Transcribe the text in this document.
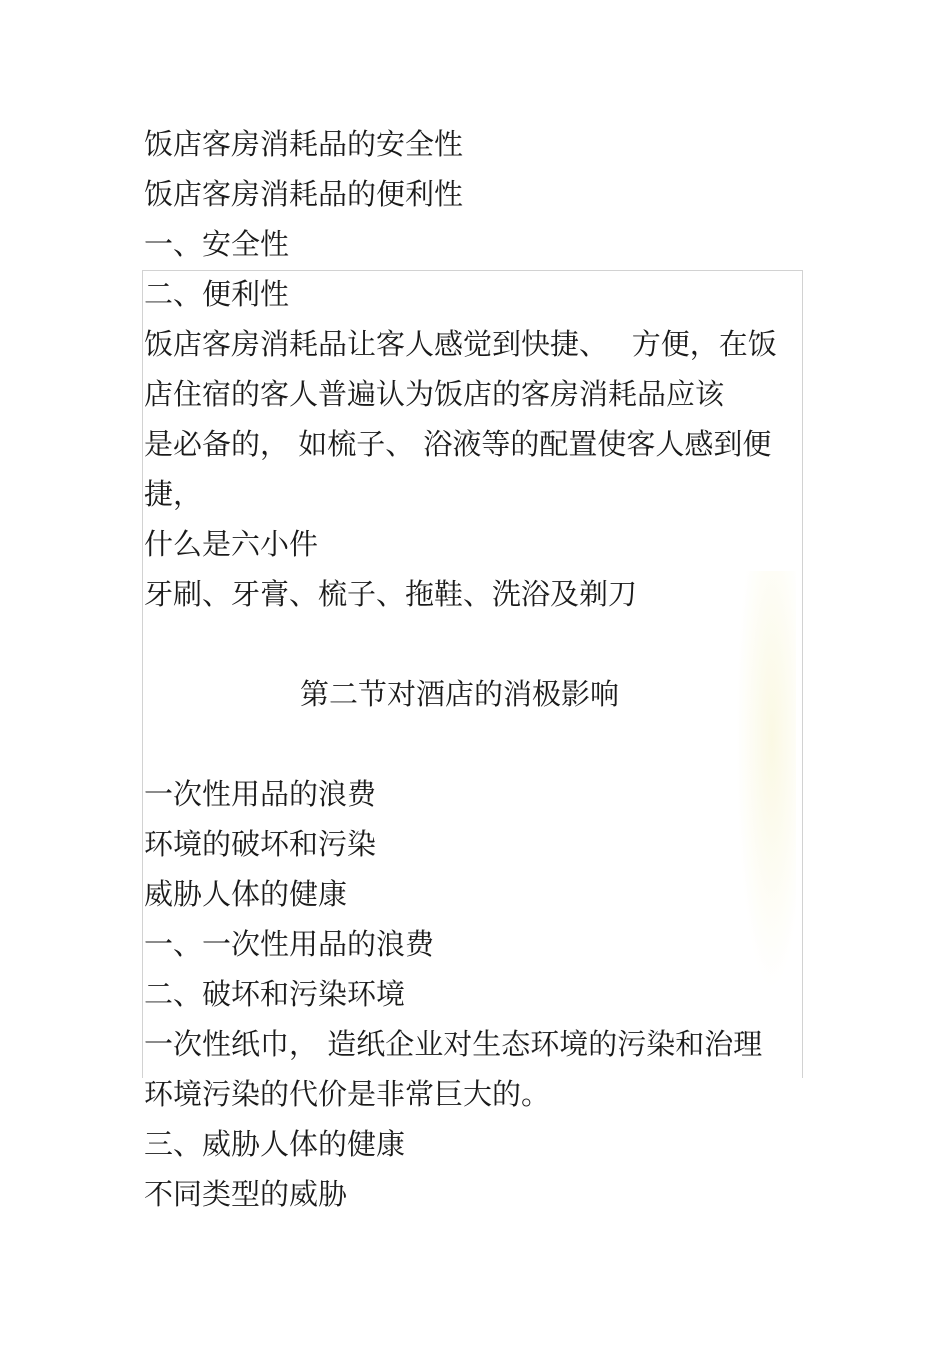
饭店客房消耗品的安全性
饭店客房消耗品的便利性
一、安全性
二、便利性
饭店客房消耗品让客人感觉到快捷、　 方便，在饭
店住宿的客人普遍认为饭店的客房消耗品应该
是必备的， 如梳子、 浴液等的配置使客人感到便
捷，
什么是六小件
牙刷、牙膏、梳子、拖鞋、洗浴及剃刀
第二节对酒店的消极影响
一次性用品的浪费
环境的破坏和污染
威胁人体的健康
一、一次性用品的浪费
二、破坏和污染环境
一次性纸巾， 造纸企业对生态环境的污染和治理
环境污染的代价是非常巨大的。
三、威胁人体的健康
不同类型的威胁
